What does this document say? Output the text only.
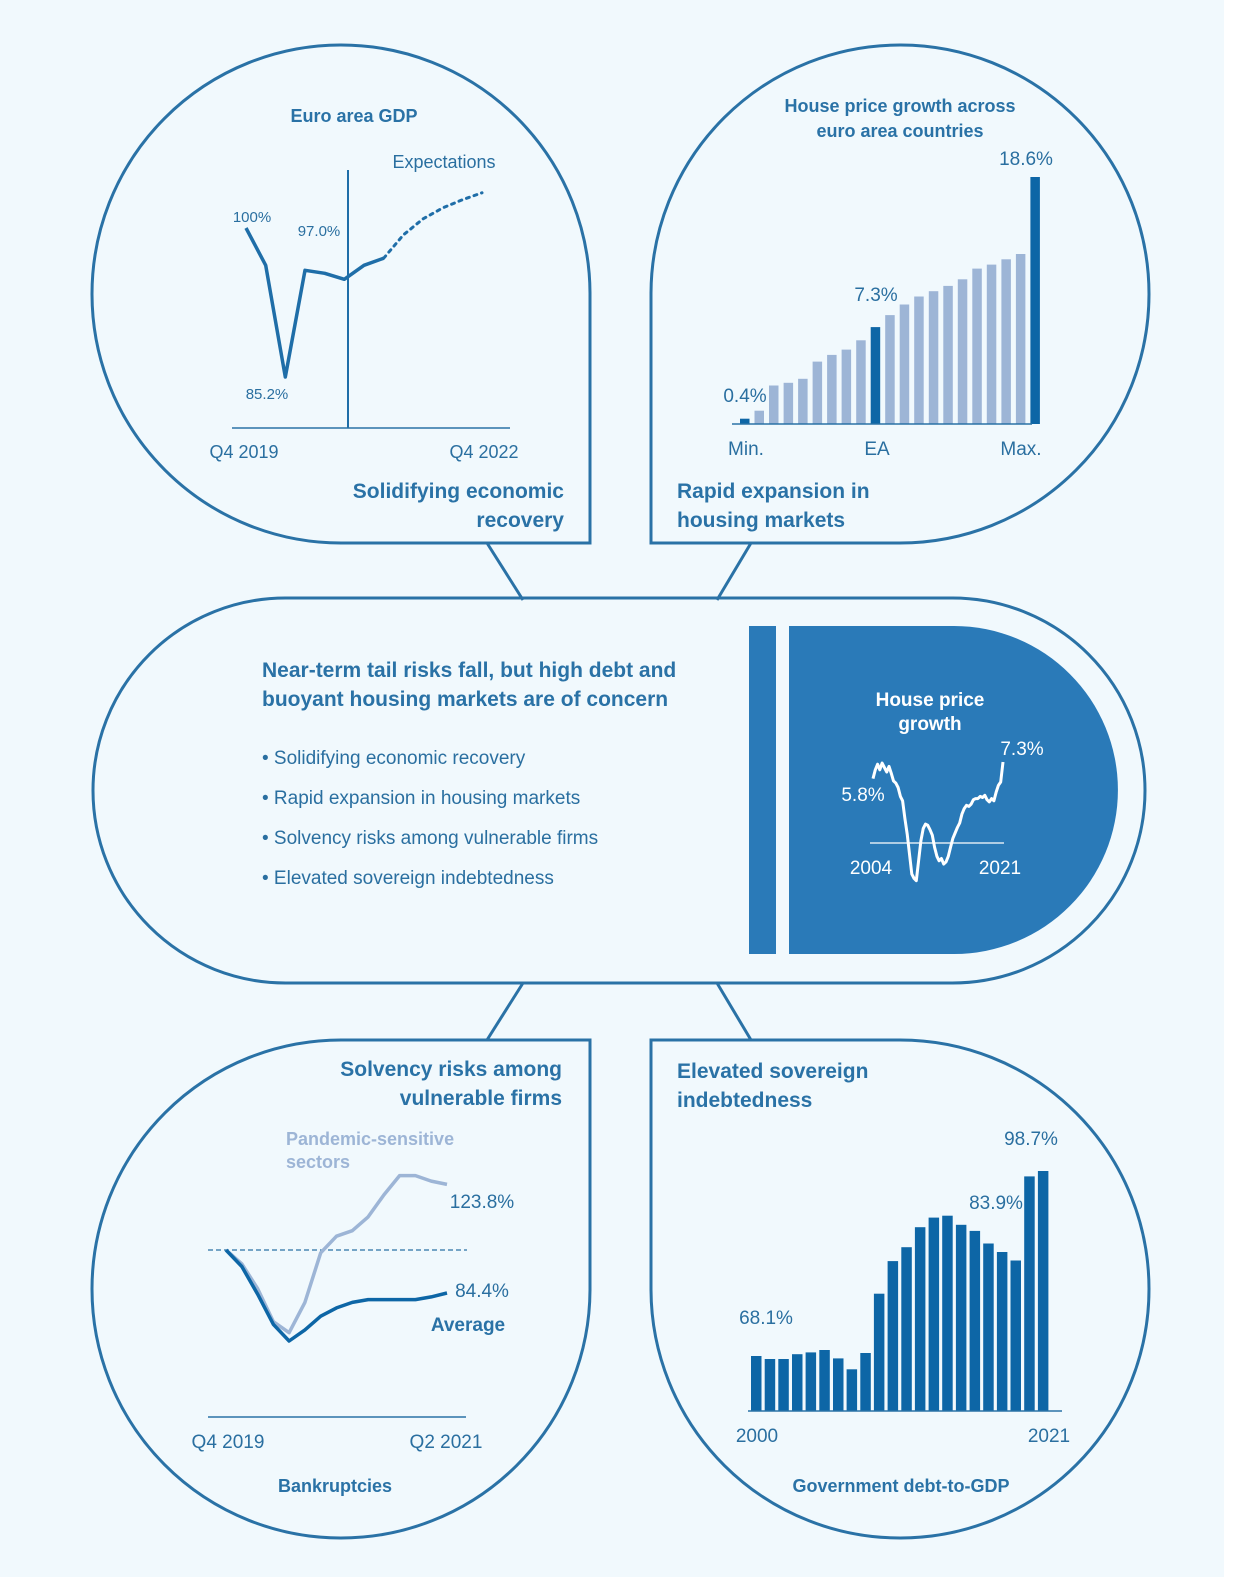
Euro area GDP
Expectations
100%
97.0%
85.2%
Q4 2019	Q4 2022
Solidifying economic
recovery
House price growth across
euro area countries
18.6%
7.3%
0.4%
Min.	EA	Max.
Rapid expansion in
housing markets
Near-term tail risks fall, but high debt and
buoyant housing markets are of concern
• Solidifying economic recovery
• Rapid expansion in housing markets
• Solvency risks among vulnerable firms
• Elevated sovereign indebtedness
House price
growth
5.8%
7.3%
2004	2021
Solvency risks among
vulnerable firms
Pandemic-sensitive
sectors
123.8%
84.4%
Average
Q4 2019	Q2 2021
Bankruptcies
Elevated sovereign
indebtedness
98.7%
83.9%
68.1%
2000	2021
Government debt-to-GDP
